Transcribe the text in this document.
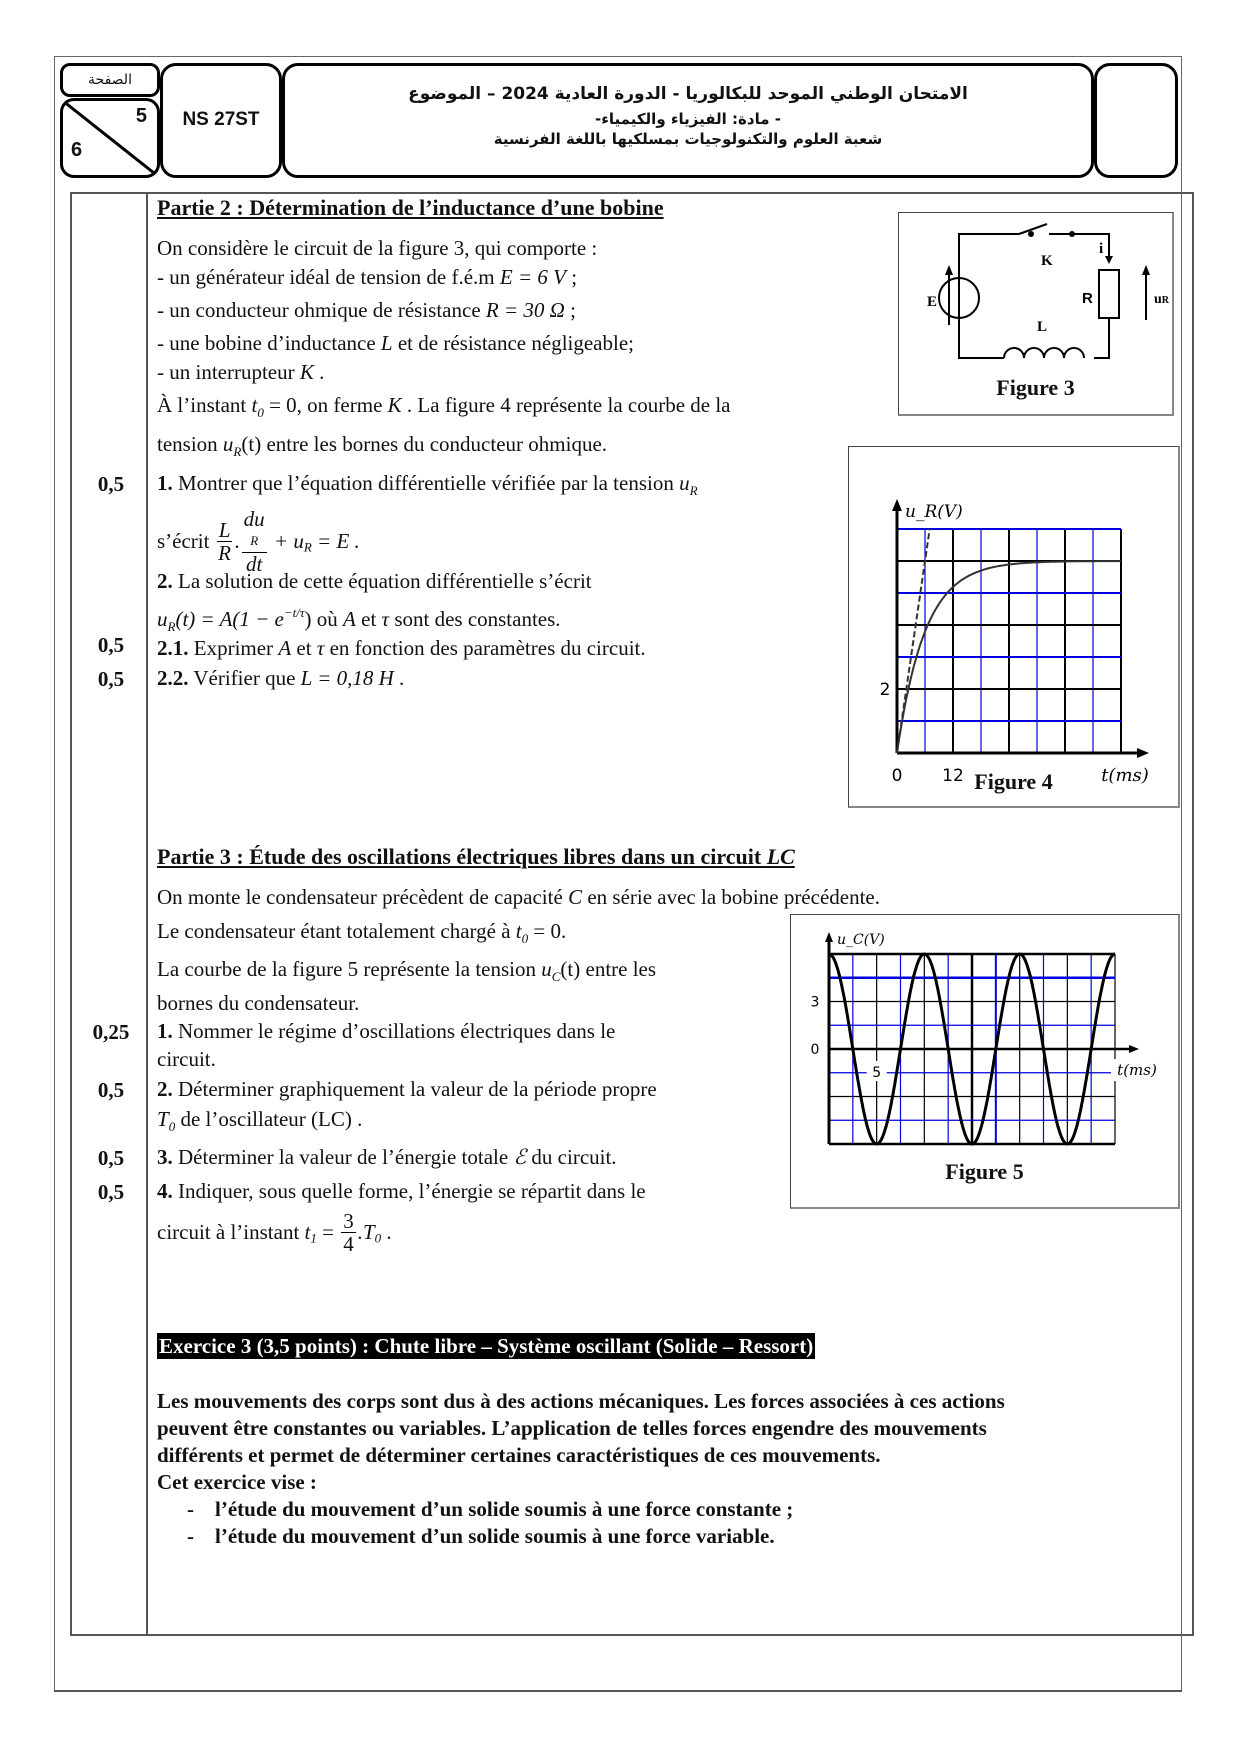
الصفحة
5
6
NS 27ST
الامتحان الوطني الموحد للبكالوريا - الدورة العادية 2024 – الموضوع
- مادة: الفيزياء والكيمياء-
شعبة العلوم والتكنولوجيات بمسلكيها باللغة الفرنسية
Partie 2 : Détermination de l’inductance d’une bobine
On considère le circuit de la figure 3, qui comporte :
- un générateur idéal de tension de f.é.m E = 6 V ;
- un conducteur ohmique de résistance R = 30 Ω ;
- une bobine d’inductance L et de résistance négligeable;
- un interrupteur K .
À l’instant $t_0 = 0$, on ferme K . La figure 4 représente la courbe de la
tension $u_R(t)$ entre les bornes du conducteur ohmique.
0,5	1. Montrer que l’équation différentielle vérifiée par la tension $u_R$
s’écrit $\frac{L}{R}$ . du
R
dt + $u_R = E$ .
2. La solution de cette équation différentielle s’écrit
$u_R(t) = A(1 - e^{-t/\tau})$ où A et τ sont des constantes.
0,5	2.1. Exprimer A et τ en fonction des paramètres du circuit.
0,5	2.2. Vérifier que L = 0,18 H .
E
K
i
R	uR
L
Figure 3
0 12
2
t(ms)
u_R(V)
Figure 4
Partie 3 : Étude des oscillations électriques libres dans un circuit LC
On monte le condensateur précèdent de capacité C en série avec la bobine précédente.
Le condensateur étant totalement chargé à $t_0 = 0$.
La courbe de la figure 5 représente la tension $u_C(t)$ entre les
bornes du condensateur.
0,25	1. Nommer le régime d’oscillations électriques dans le
circuit.
0,5	2. Déterminer graphiquement la valeur de la période propre
$T_0$ de l’oscillateur (LC) .
0,5	3. Déterminer la valeur de l’énergie totale ℰ du circuit.
0,5	4. Indiquer, sous quelle forme, l’énergie se répartit dans le
circuit à l’instant $t_1 = \frac{3}{4} .T_0$ .
5
3
0
t(ms)
u_C(V)
Figure 5
Exercice 3 (3,5 points) : Chute libre – Système oscillant (Solide – Ressort)
Les mouvements des corps sont dus à des actions mécaniques. Les forces associées à ces actions
peuvent être constantes ou variables. L’application de telles forces engendre des mouvements
différents et permet de déterminer certaines caractéristiques de ces mouvements.
Cet exercice vise :
-    l’étude du mouvement d’un solide soumis à une force constante ;
-    l’étude du mouvement d’un solide soumis à une force variable.
